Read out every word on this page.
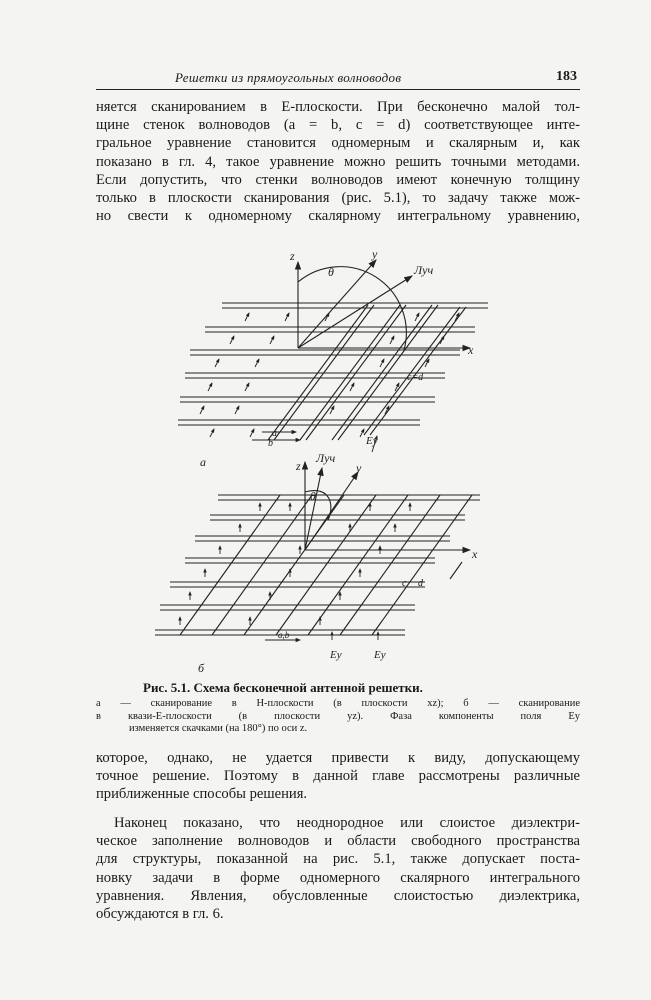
Решетки из прямоугольных волноводов	183
няется сканированием в E-плоскости. При бесконечно малой тол-
щине стенок волноводов (a = b, c = d) соответствующее инте-
гральное уравнение становится одномерным и скалярным и, как
показано в гл. 4, такое уравнение можно решить точными методами.
Если допустить, что стенки волноводов имеют конечную толщину
только в плоскости сканирования (рис. 5.1), то задачу также мож-
но свести к одномерному скалярному интегральному уравнению,
z	y
x
θ	Луч
c=d
a
b	Ey
а	z	y
x
θ
Луч
c d
a,b
Ey	Ey
б
Рис. 5.1. Схема бесконечной антенной решетки.
а — сканирование в H-плоскости (в плоскости xz); б — сканирование
в квази-E-плоскости (в плоскости yz). Фаза компоненты поля Ey
изменяется скачками (на 180°) по оси z.
которое, однако, не удается привести к виду, допускающему
точное решение. Поэтому в данной главе рассмотрены различные
приближенные способы решения.
Наконец показано, что неоднородное или слоистое диэлектри-
ческое заполнение волноводов и области свободного пространства
для структуры, показанной на рис. 5.1, также допускает поста-
новку задачи в форме одномерного скалярного интегрального
уравнения. Явления, обусловленные слоистостью диэлектрика,
обсуждаются в гл. 6.
